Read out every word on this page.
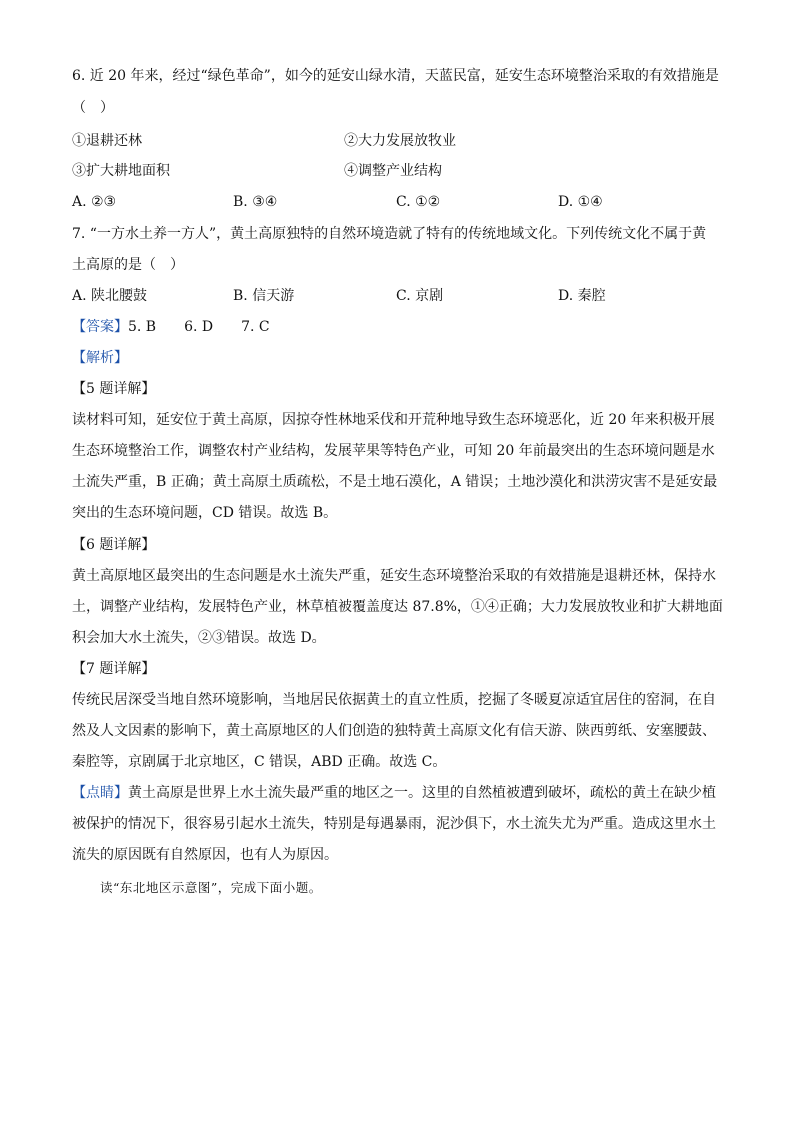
6. 近 20 年来，经过“绿色革命”，如今的延安山绿水清，天蓝民富，延安生态环境整治采取的有效措施是
（　）
①退耕还林	②大力发展放牧业
③扩大耕地面积	④调整产业结构
A. ②③	B. ③④	C. ①②	D. ①④
7. “一方水土养一方人”，黄土高原独特的自然环境造就了特有的传统地域文化。下列传统文化不属于黄
土高原的是（　）
A. 陕北腰鼓	B. 信天游	C. 京剧	D. 秦腔
【答案】5. B　　6. D　　7. C
【解析】
【5 题详解】
读材料可知，延安位于黄土高原，因掠夺性林地采伐和开荒种地导致生态环境恶化，近 20 年来积极开展
生态环境整治工作，调整农村产业结构，发展苹果等特色产业，可知 20 年前最突出的生态环境问题是水
土流失严重，B 正确；黄土高原土质疏松，不是土地石漠化，A 错误；土地沙漠化和洪涝灾害不是延安最
突出的生态环境问题，CD 错误。故选 B。
【6 题详解】
黄土高原地区最突出的生态问题是水土流失严重，延安生态环境整治采取的有效措施是退耕还林，保持水
土，调整产业结构，发展特色产业，林草植被覆盖度达 87.8%，①④正确；大力发展放牧业和扩大耕地面
积会加大水土流失，②③错误。故选 D。
【7 题详解】
传统民居深受当地自然环境影响，当地居民依据黄土的直立性质，挖掘了冬暖夏凉适宜居住的窑洞，在自
然及人文因素的影响下，黄土高原地区的人们创造的独特黄土高原文化有信天游、陕西剪纸、安塞腰鼓、
秦腔等，京剧属于北京地区，C 错误，ABD 正确。故选 C。
【点睛】黄土高原是世界上水土流失最严重的地区之一。这里的自然植被遭到破坏，疏松的黄土在缺少植
被保护的情况下，很容易引起水土流失，特别是每遇暴雨，泥沙俱下，水土流失尤为严重。造成这里水土
流失的原因既有自然原因，也有人为原因。
读“东北地区示意图”，完成下面小题。
